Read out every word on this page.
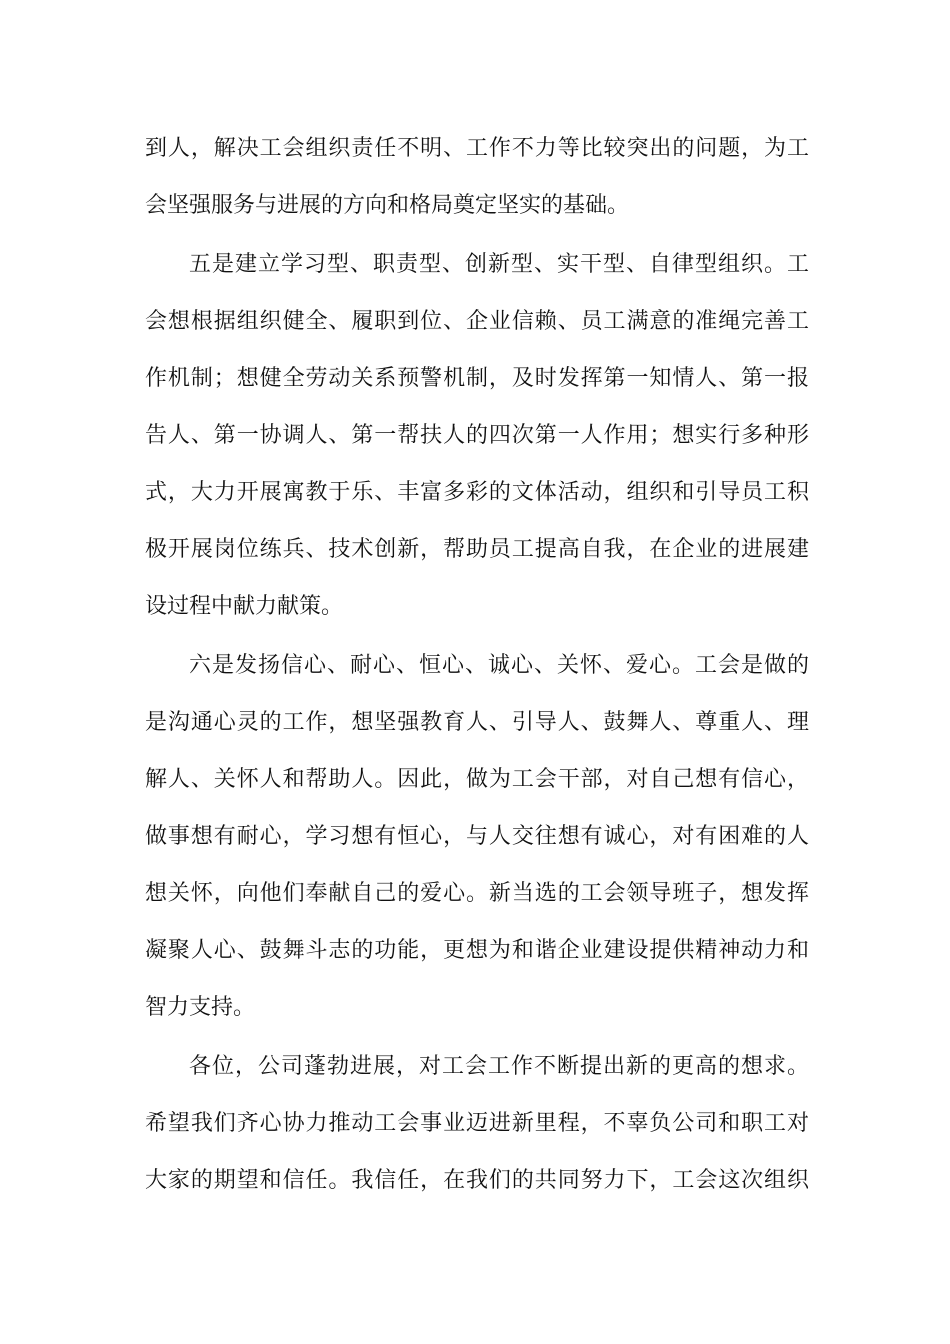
到人，解决工会组织责任不明、工作不力等比较突出的问题，为工
会坚强服务与进展的方向和格局奠定坚实的基础。
五是建立学习型、职责型、创新型、实干型、自律型组织。工
会想根据组织健全、履职到位、企业信赖、员工满意的准绳完善工
作机制；想健全劳动关系预警机制，及时发挥第一知情人、第一报
告人、第一协调人、第一帮扶人的四次第一人作用；想实行多种形
式，大力开展寓教于乐、丰富多彩的文体活动，组织和引导员工积
极开展岗位练兵、技术创新，帮助员工提高自我，在企业的进展建
设过程中献力献策。
六是发扬信心、耐心、恒心、诚心、关怀、爱心。工会是做的
是沟通心灵的工作，想坚强教育人、引导人、鼓舞人、尊重人、理
解人、关怀人和帮助人。因此，做为工会干部，对自己想有信心，
做事想有耐心，学习想有恒心，与人交往想有诚心，对有困难的人
想关怀，向他们奉献自己的爱心。新当选的工会领导班子，想发挥
凝聚人心、鼓舞斗志的功能，更想为和谐企业建设提供精神动力和
智力支持。
各位，公司蓬勃进展，对工会工作不断提出新的更高的想求。
希望我们齐心协力推动工会事业迈进新里程，不辜负公司和职工对
大家的期望和信任。我信任，在我们的共同努力下，工会这次组织
